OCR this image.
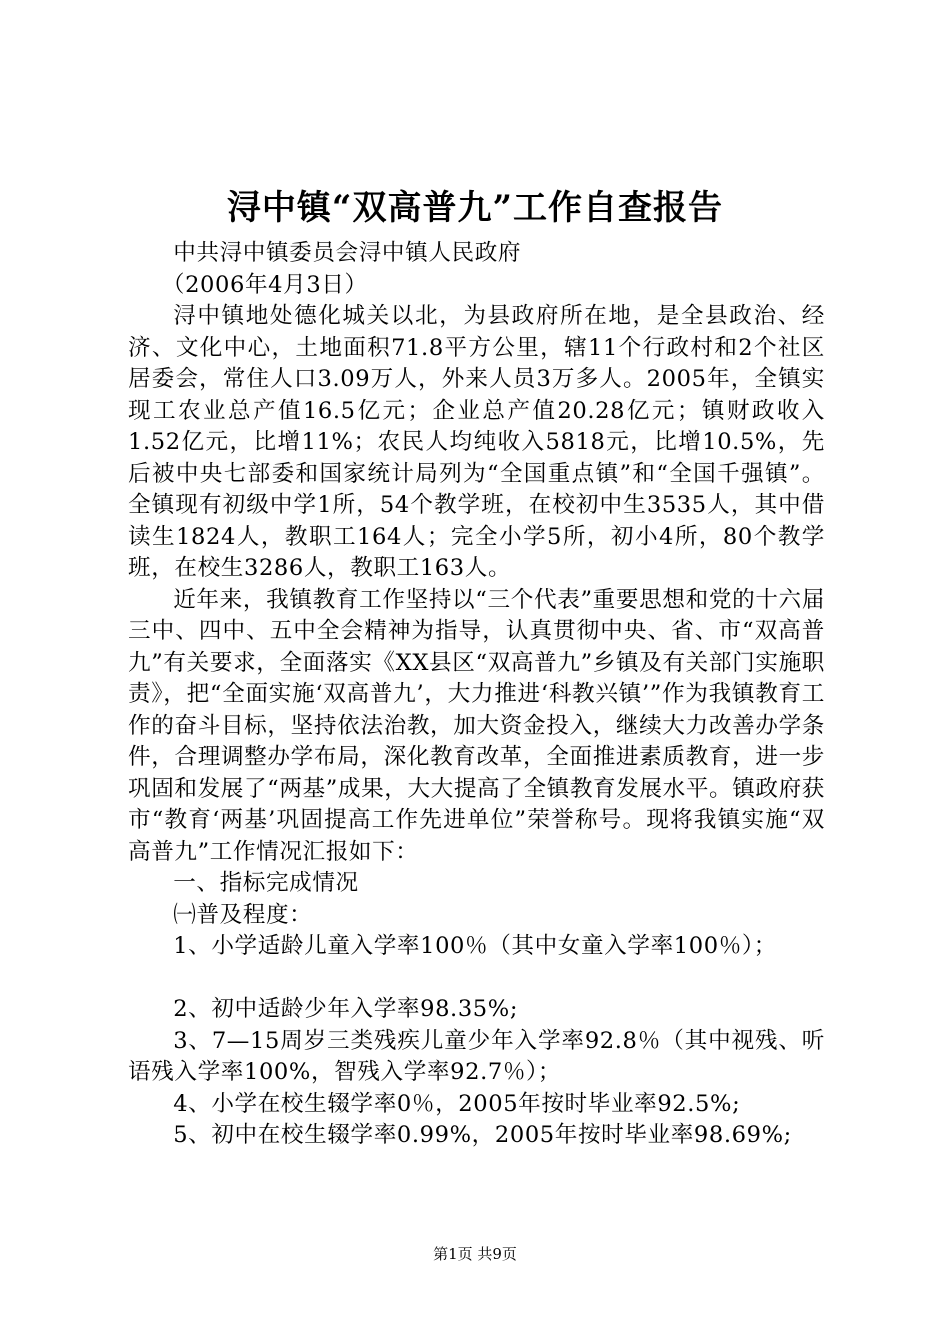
浔中镇“双高普九”工作自查报告

中共浔中镇委员会浔中镇人民政府

（2006年4月3日）

浔中镇地处德化城关以北，为县政府所在地，是全县政治、经济、文化中心，土地面积71.8平方公里，辖11个行政村和2个社区居委会，常住人口3.09万人，外来人员3万多人。2005年，全镇实现工农业总产值16.5亿元；企业总产值20.28亿元；镇财政收入1.52亿元，比增11%；农民人均纯收入5818元，比增10.5%，先后被中央七部委和国家统计局列为“全国重点镇”和“全国千强镇”。全镇现有初级中学1所，54个教学班，在校初中生3535人，其中借读生1824人，教职工164人；完全小学5所，初小4所，80个教学班，在校生3286人，教职工163人。

近年来，我镇教育工作坚持以“三个代表”重要思想和党的十六届三中、四中、五中全会精神为指导，认真贯彻中央、省、市“双高普九”有关要求，全面落实《XX县区“双高普九”乡镇及有关部门实施职责》，把“全面实施‘双高普九’，大力推进‘科教兴镇’”作为我镇教育工作的奋斗目标，坚持依法治教，加大资金投入，继续大力改善办学条件，合理调整办学布局，深化教育改革，全面推进素质教育，进一步巩固和发展了“两基”成果，大大提高了全镇教育发展水平。镇政府获市“教育‘两基’巩固提高工作先进单位”荣誉称号。现将我镇实施“双高普九”工作情况汇报如下：

一、指标完成情况

㈠普及程度：

1、小学适龄儿童入学率100％（其中女童入学率100％）；

2、初中适龄少年入学率98.35%;

3、7—15周岁三类残疾儿童少年入学率92.8％（其中视残、听语残入学率100%，智残入学率92.7％）；

4、小学在校生辍学率0％，2005年按时毕业率92.5%;

5、初中在校生辍学率0.99%，2005年按时毕业率98.69%;

第1页 共9页
